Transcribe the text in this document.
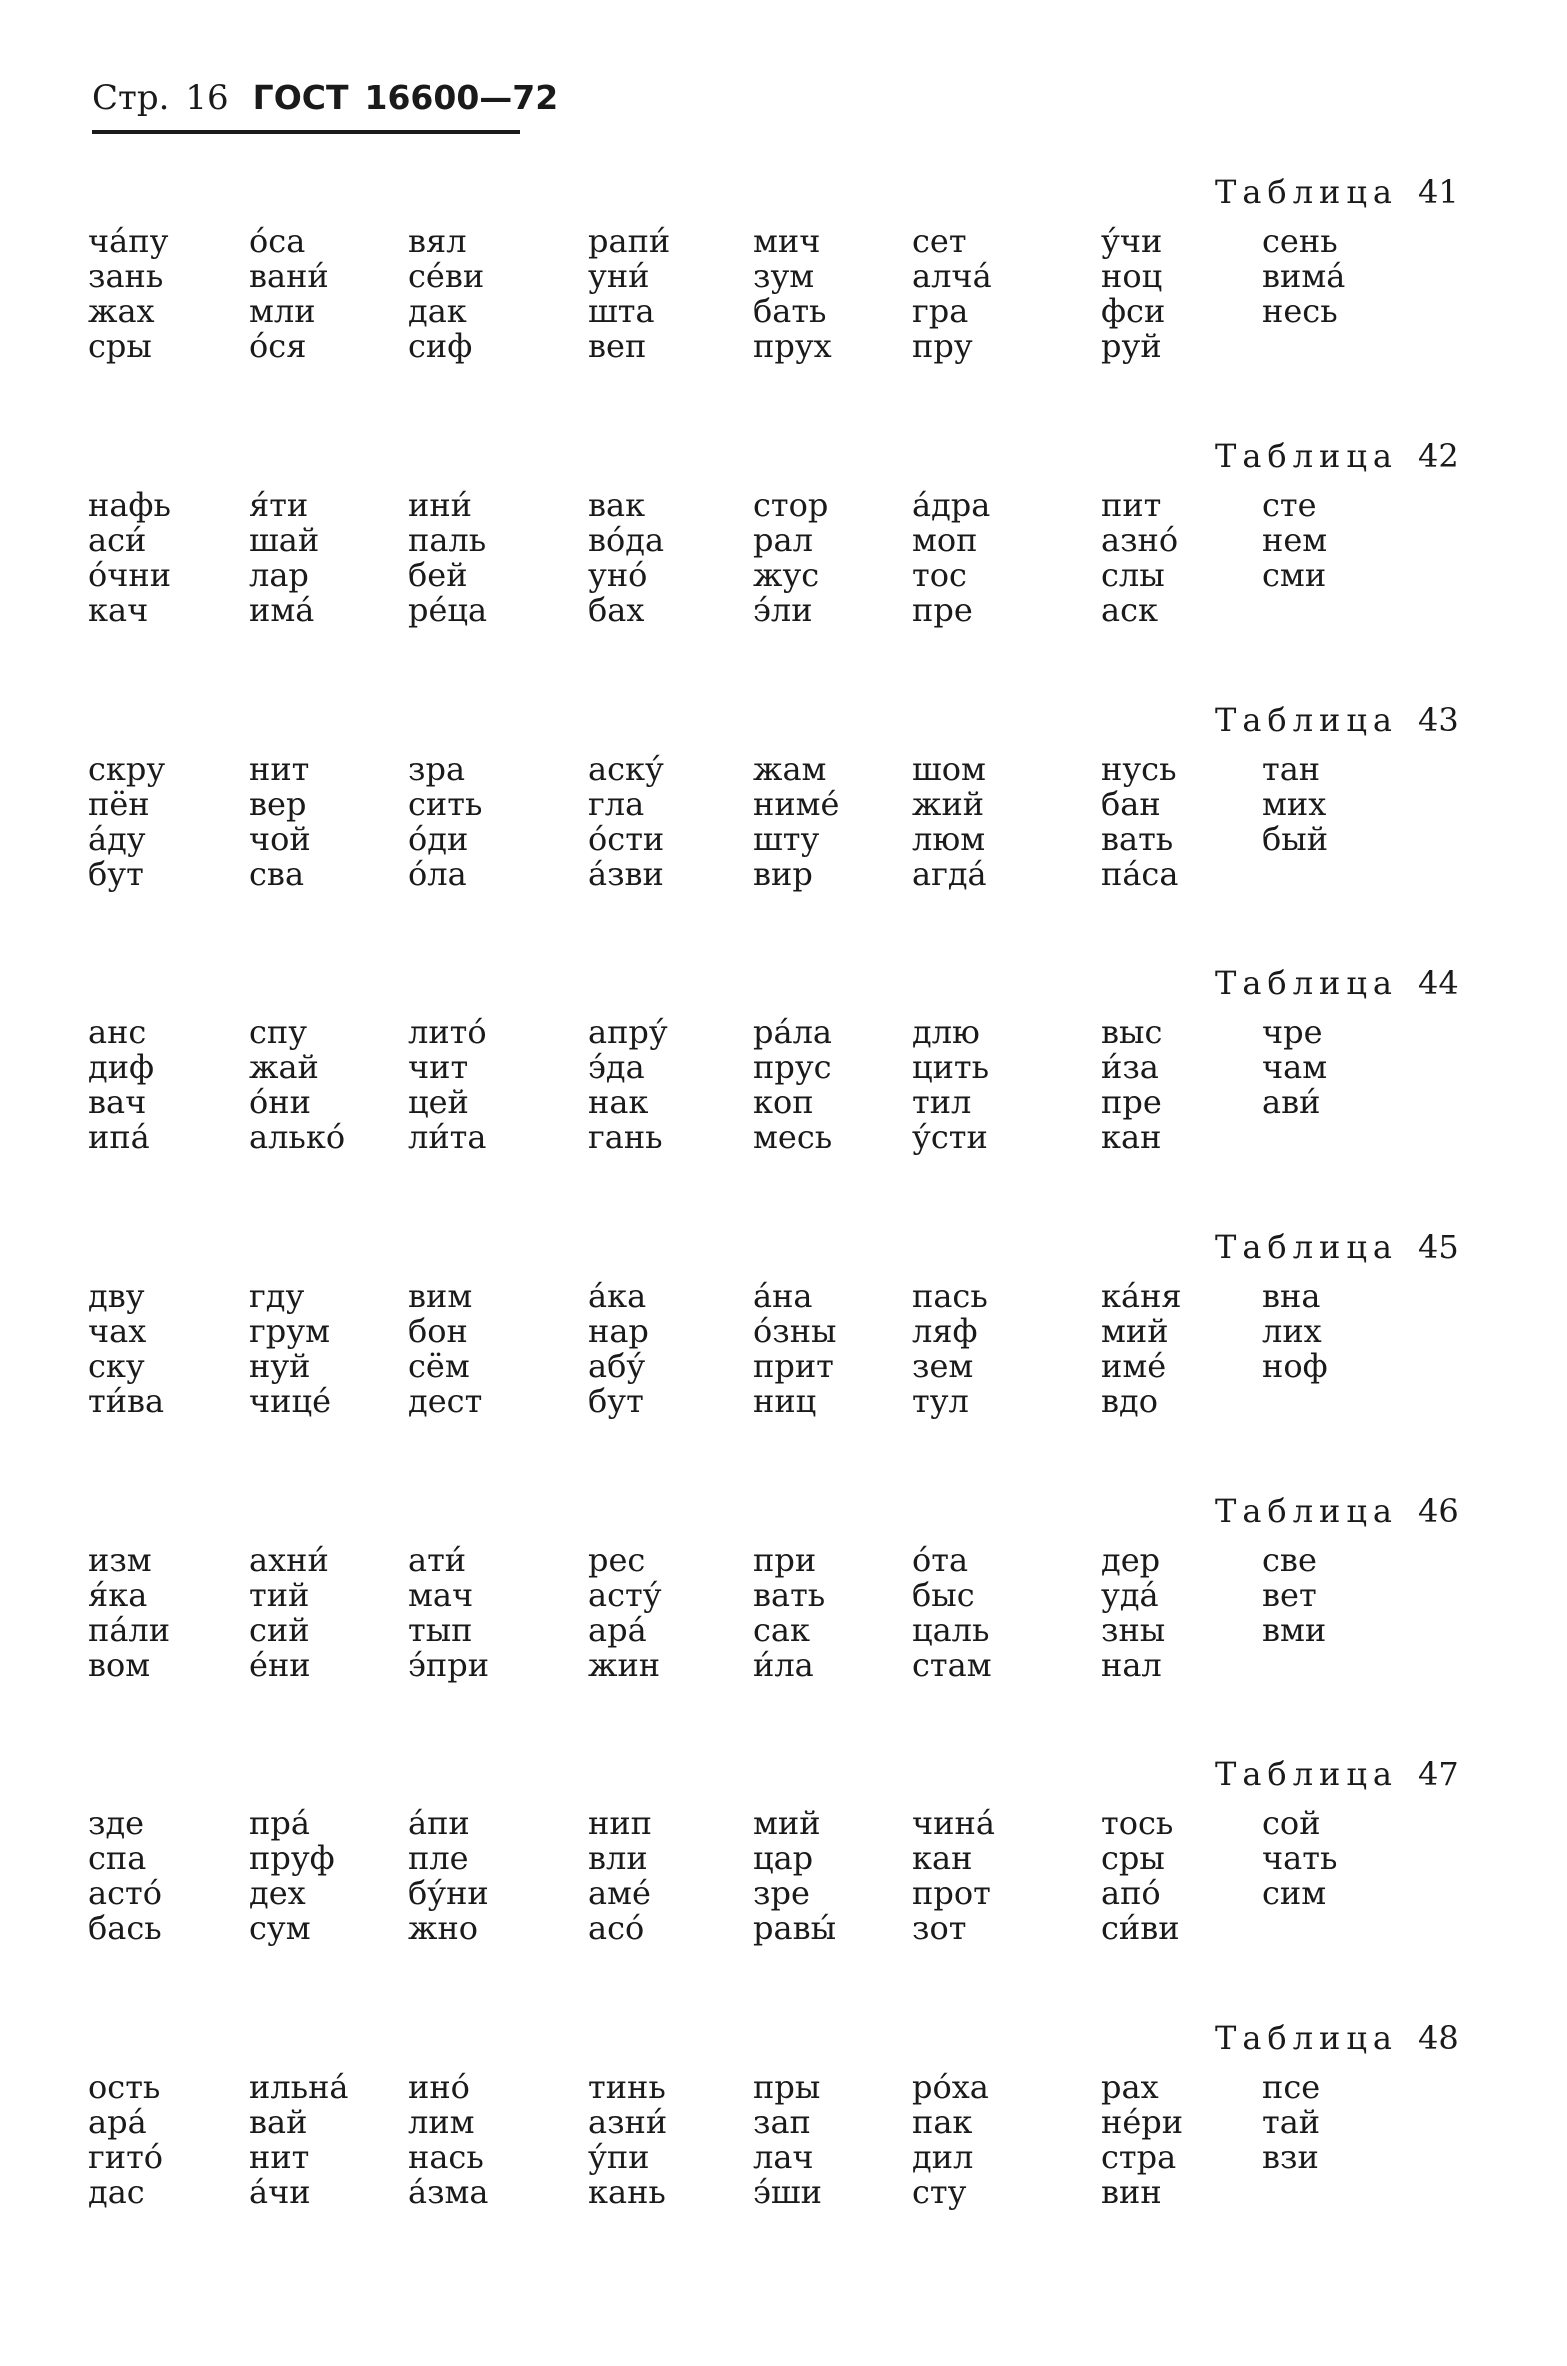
Стр. 16 ГОСТ 16600—72
Таблица 41
ча́пу
зань
жах
сры
о́са
вани́
мли
о́ся
вял
се́ви
дак
сиф
рапи́
уни́
шта
веп
мич
зум
бать
прух
сет
алча́
гра
пру
у́чи
ноц
фси
руй
сень
вима́
несь
Таблица 42
нафь
аси́
о́чни
кач
я́ти
шай
лар
има́
ини́
паль
бей
ре́ца
вак
во́да
уно́
бах
стор
рал
жус
э́ли
а́дра
моп
тос
пре
пит
азно́
слы
аск
сте
нем
сми
Таблица 43
скру
пён
а́ду
бут
нит
вер
чой
сва
зра
сить
о́ди
о́ла
аску́
гла
о́сти
а́зви
жам
ниме́
шту
вир
шом
жий
люм
агда́
нусь
бан
вать
па́са
тан
мих
бый
Таблица 44
анс
диф
вач
ипа́
спу
жай
о́ни
алько́
лито́
чит
цей
ли́та
апру́
э́да
нак
гань
ра́ла
прус
коп
месь
длю
цить
тил
у́сти
выс
и́за
пре
кан
чре
чам
ави́
Таблица 45
дву
чах
ску
ти́ва
гду
грум
нуй
чице́
вим
бон
сём
дест
а́ка
нар
абу́
бут
а́на
о́зны
прит
ниц
пась
ляф
зем
тул
ка́ня
мий
име́
вдо
вна
лих
ноф
Таблица 46
изм
я́ка
па́ли
вом
ахни́
тий
сий
е́ни
ати́
мач
тып
э́при
рес
асту́
ара́
жин
при
вать
сак
и́ла
о́та
быс
цаль
стам
дер
уда́
зны
нал
све
вет
вми
Таблица 47
зде
спа
асто́
бась
пра́
пруф
дех
сум
а́пи
пле
бу́ни
жно
нип
вли
аме́
асо́
мий
цар
зре
равы́
чина́
кан
прот
зот
тось
сры
апо́
си́ви
сой
чать
сим
Таблица 48
ость
ара́
гито́
дас
ильна́
вай
нит
а́чи
ино́
лим
нась
а́зма
тинь
азни́
у́пи
кань
пры
зап
лач
э́ши
ро́ха
пак
дил
сту
рах
не́ри
стра
вин
псе
тай
взи
